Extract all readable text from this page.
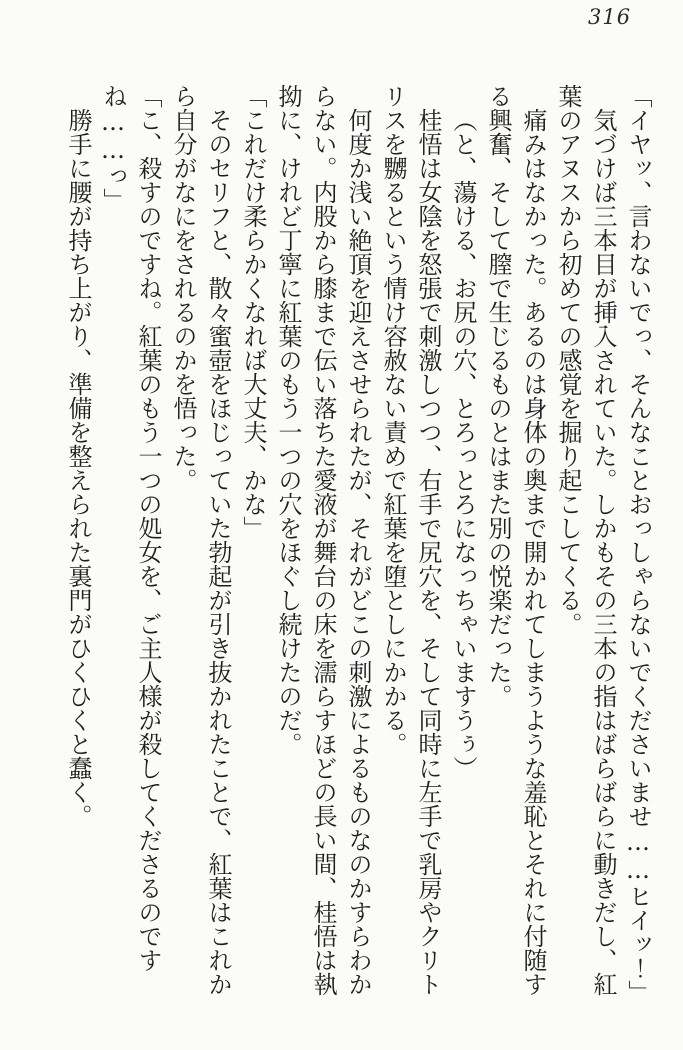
316

「イヤッ、言わないでっ、そんなことおっしゃらないでくださいませ……ヒイッ！」

気づけば三本目が挿入されていた。しかもその三本の指はばらばらに動きだし、紅葉のアヌスから初めての感覚を掘り起こしてくる。

痛みはなかった。あるのは身体の奥まで開かれてしまうような羞恥とそれに付随する興奮、そして膣で生じるものとはまた別の悦楽だった。

（と、蕩ける、お尻の穴、とろっとろになっちゃいますうぅ）

桂悟は女陰を怒張で刺激しつつ、右手で尻穴を、そして同時に左手で乳房やクリトリスを嬲るという情け容赦ない責めで紅葉を堕としにかかる。

何度か浅い絶頂を迎えさせられたが、それがどこの刺激によるものなのかすらわからない。内股から膝まで伝い落ちた愛液が舞台の床を濡らすほどの長い間、桂悟は執拗に、けれど丁寧に紅葉のもう一つの穴をほぐし続けたのだ。

「これだけ柔らかくなれば大丈夫、かな」

そのセリフと、散々蜜壺をほじっていた勃起が引き抜かれたことで、紅葉はこれから自分がなにをされるのかを悟った。

「こ、殺すのですね。紅葉のもう一つの処女を、ご主人様が殺してくださるのですね……っ」

勝手に腰が持ち上がり、準備を整えられた裏門がひくひくと蠢く。
